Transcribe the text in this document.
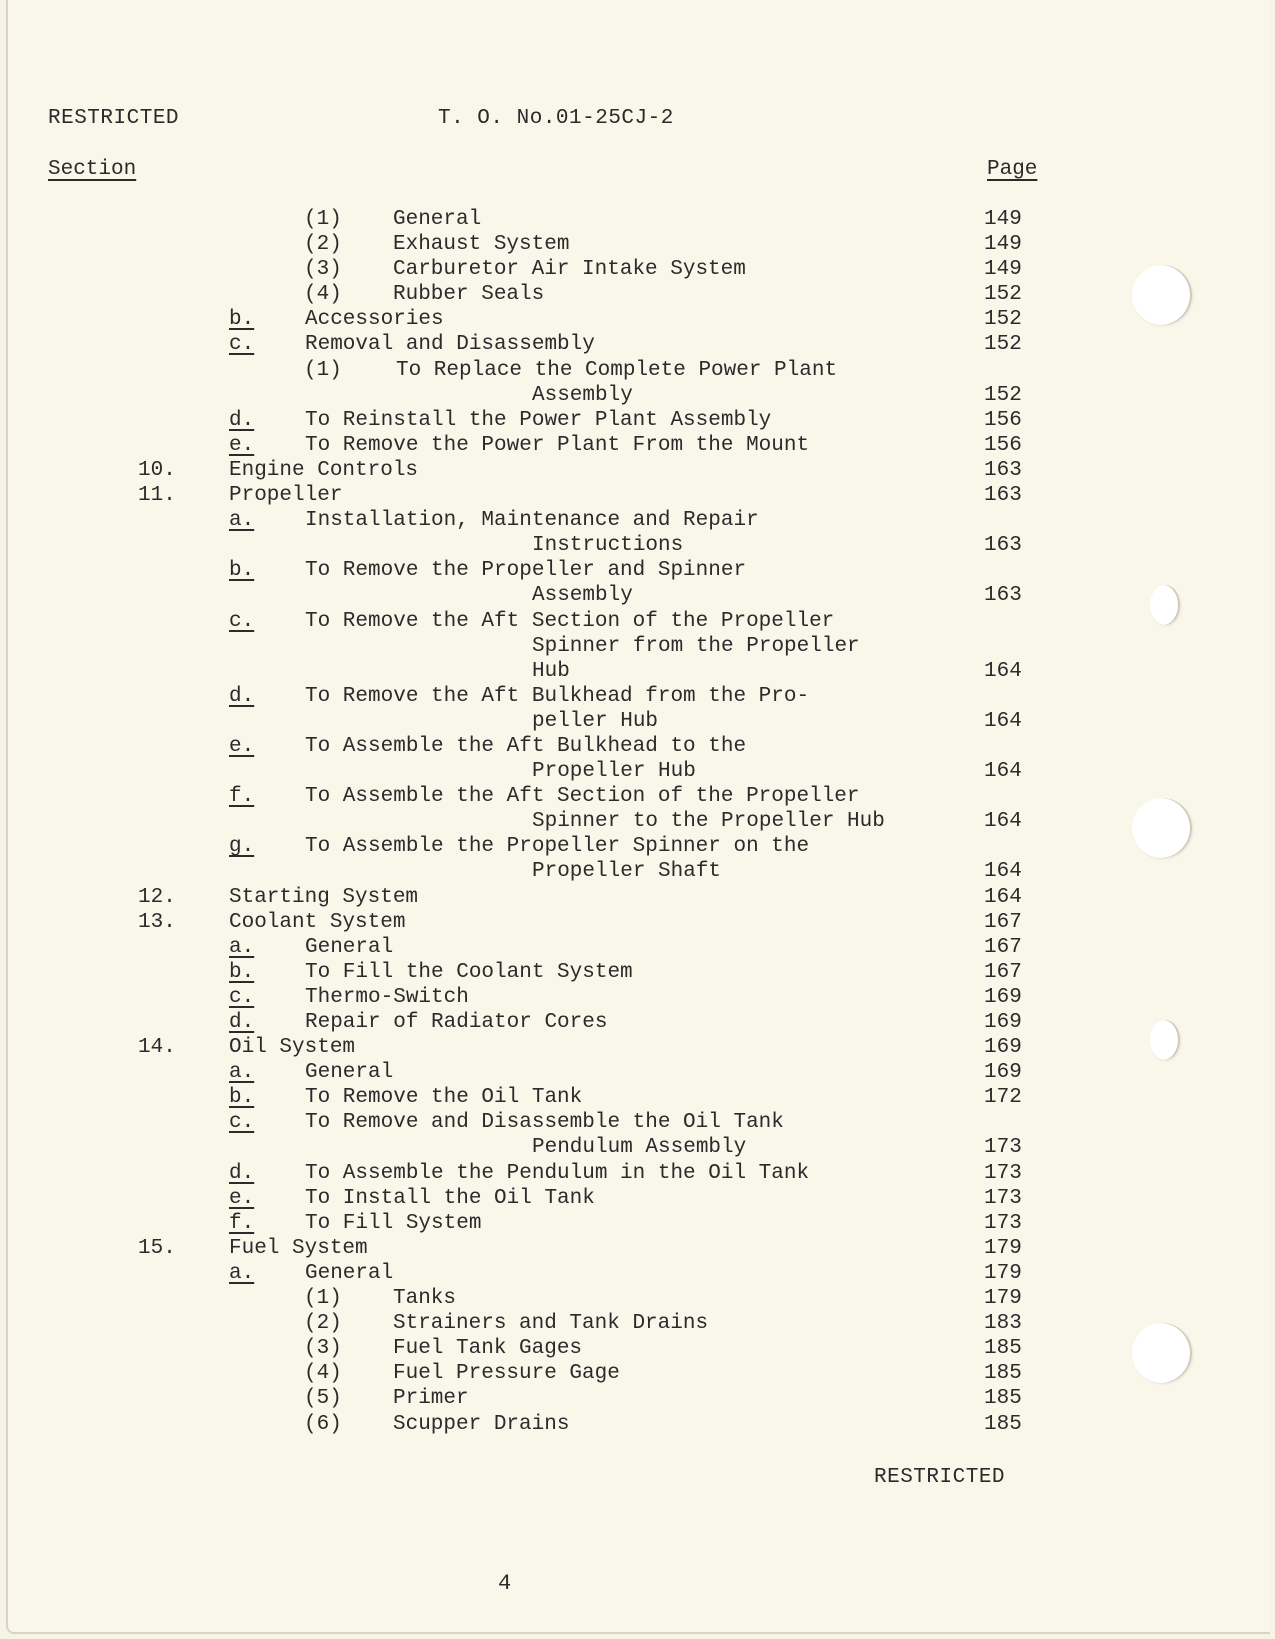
RESTRICTED	T. O. No.01-25CJ-2
Section	Page
(1) General	149
(2) Exhaust System	149
(3) Carburetor Air Intake System	149
(4) Rubber Seals	152
b. Accessories	152
c. Removal and Disassembly	152
(1)	To Replace the Complete Power Plant
Assembly	152
d. To Reinstall the Power Plant Assembly	156
e. To Remove the Power Plant From the Mount	156
10.	Engine Controls	163
11.	Propeller	163
a. Installation, Maintenance and Repair
Instructions	163
b. To Remove the Propeller and Spinner
Assembly	163
c. To Remove the Aft Section of the Propeller
Spinner from the Propeller
Hub	164
d. To Remove the Aft Bulkhead from the Pro-
peller Hub	164
e. To Assemble the Aft Bulkhead to the
Propeller Hub	164
f. To Assemble the Aft Section of the Propeller
Spinner to the Propeller Hub	164
g. To Assemble the Propeller Spinner on the
Propeller Shaft	164
12.	Starting System	164
13.	Coolant System	167
a. General	167
b. To Fill the Coolant System	167
c. Thermo-Switch	169
d. Repair of Radiator Cores	169
14.	Oil System	169
a. General	169
b. To Remove the Oil Tank	172
c. To Remove and Disassemble the Oil Tank
Pendulum Assembly	173
d. To Assemble the Pendulum in the Oil Tank	173
e. To Install the Oil Tank	173
f. To Fill System	173
15.	Fuel System	179
a. General	179
(1) Tanks	179
(2) Strainers and Tank Drains	183
(3) Fuel Tank Gages	185
(4) Fuel Pressure Gage	185
(5) Primer	185
(6) Scupper Drains	185
RESTRICTED
4
